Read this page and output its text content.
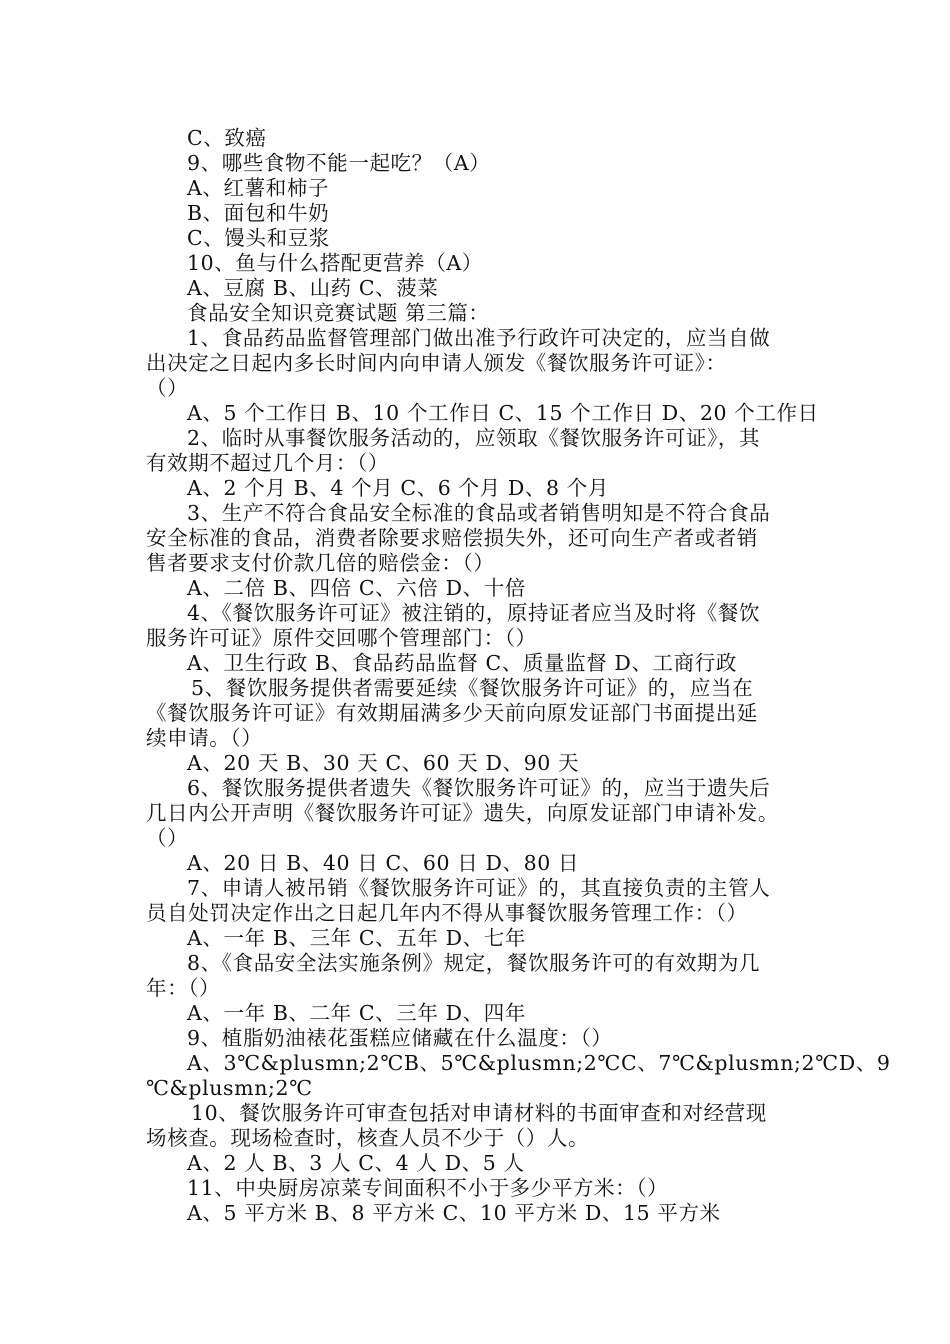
C、致癌
9、哪些食物不能一起吃？（A）
A、红薯和柿子
B、面包和牛奶
C、馒头和豆浆
10、鱼与什么搭配更营养（A）
A、豆腐 B、山药 C、菠菜
食品安全知识竞赛试题 第三篇：
1、食品药品监督管理部门做出准予行政许可决定的，应当自做
出决定之日起内多长时间内向申请人颁发《餐饮服务许可证》：
（）
A、5 个工作日 B、10 个工作日 C、15 个工作日 D、20 个工作日
2、临时从事餐饮服务活动的，应领取《餐饮服务许可证》，其
有效期不超过几个月：（）
A、2 个月 B、4 个月 C、6 个月 D、8 个月
3、生产不符合食品安全标准的食品或者销售明知是不符合食品
安全标准的食品，消费者除要求赔偿损失外，还可向生产者或者销
售者要求支付价款几倍的赔偿金：（）
A、二倍 B、四倍 C、六倍 D、十倍
4、《餐饮服务许可证》被注销的，原持证者应当及时将《餐饮
服务许可证》原件交回哪个管理部门：（）
A、卫生行政 B、食品药品监督 C、质量监督 D、工商行政
5、餐饮服务提供者需要延续《餐饮服务许可证》的，应当在
《餐饮服务许可证》有效期届满多少天前向原发证部门书面提出延
续申请。（）
A、20 天 B、30 天 C、60 天 D、90 天
6、餐饮服务提供者遗失《餐饮服务许可证》的，应当于遗失后
几日内公开声明《餐饮服务许可证》遗失，向原发证部门申请补发。
（）
A、20 日 B、40 日 C、60 日 D、80 日
7、申请人被吊销《餐饮服务许可证》的，其直接负责的主管人
员自处罚决定作出之日起几年内不得从事餐饮服务管理工作：（）
A、一年 B、三年 C、五年 D、七年
8、《食品安全法实施条例》规定，餐饮服务许可的有效期为几
年：（）
A、一年 B、二年 C、三年 D、四年
9、植脂奶油裱花蛋糕应储藏在什么温度：（）
A、3℃&plusmn;2℃B、5℃&plusmn;2℃C、7℃&plusmn;2℃D、9
℃&plusmn;2℃
10、餐饮服务许可审查包括对申请材料的书面审查和对经营现
场核查。现场检查时，核查人员不少于（）人。
A、2 人 B、3 人 C、4 人 D、5 人
11、中央厨房凉菜专间面积不小于多少平方米：（）
A、5 平方米 B、8 平方米 C、10 平方米 D、15 平方米
